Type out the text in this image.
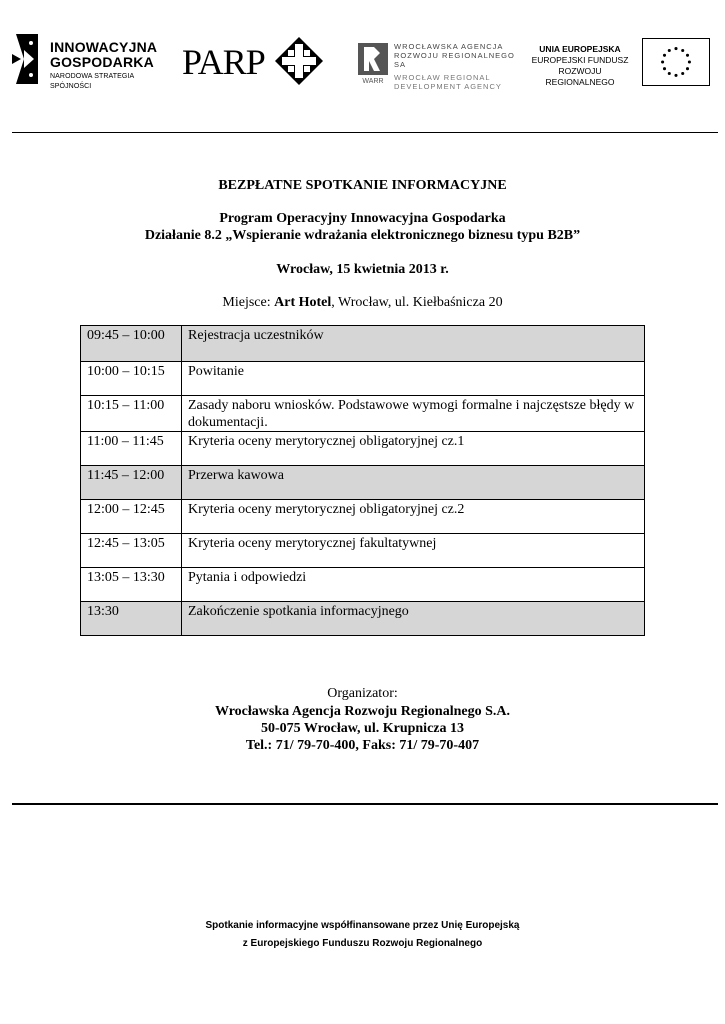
INNOWACYJNA
GOSPODARKA
NARODOWA STRATEGIA SPÓJNOŚCI
PARP	WARR
WROCŁAWSKA AGENCJA
ROZWOJU REGIONALNEGO SA
WROCŁAW REGIONAL
DEVELOPMENT AGENCY
UNIA EUROPEJSKA
EUROPEJSKI FUNDUSZ
ROZWOJU REGIONALNEGO
BEZPŁATNE SPOTKANIE INFORMACYJNE
Program Operacyjny Innowacyjna Gospodarka
Działanie 8.2 „Wspieranie wdrażania elektronicznego biznesu typu B2B”
Wrocław, 15 kwietnia 2013 r.
Miejsce: Art Hotel, Wrocław, ul. Kiełbaśnicza 20
09:45 – 10:00	Rejestracja uczestników
10:00 – 10:15	Powitanie
10:15 – 11:00	Zasady naboru wniosków. Podstawowe wymogi formalne i najczęstsze błędy w dokumentacji.
11:00 – 11:45	Kryteria oceny merytorycznej obligatoryjnej cz.1
11:45 – 12:00	Przerwa kawowa
12:00 – 12:45	Kryteria oceny merytorycznej obligatoryjnej cz.2
12:45 – 13:05	Kryteria oceny merytorycznej fakultatywnej
13:05 – 13:30	Pytania i odpowiedzi
13:30	Zakończenie spotkania informacyjnego
Organizator:
Wrocławska Agencja Rozwoju Regionalnego S.A.
50-075 Wrocław, ul. Krupnicza 13
Tel.: 71/ 79-70-400, Faks: 71/ 79-70-407
Spotkanie informacyjne współfinansowane przez Unię Europejską
z Europejskiego Funduszu Rozwoju Regionalnego
